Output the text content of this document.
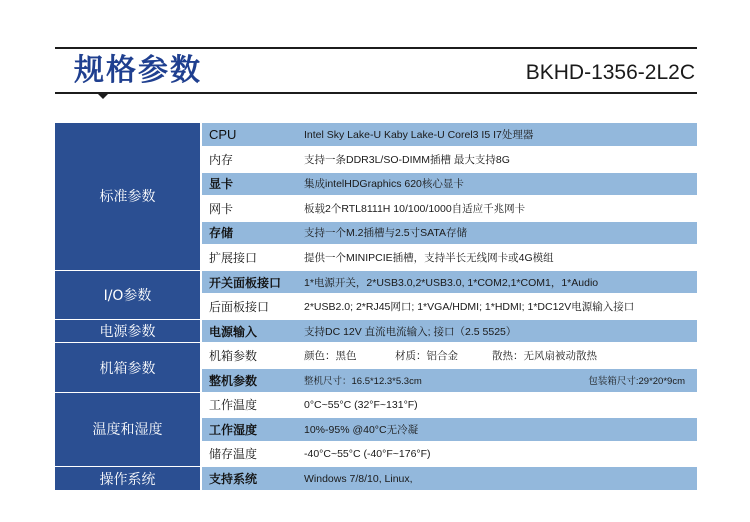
规格参数	BKHD-1356-2L2C
标准参数	CPU	Intel Sky Lake-U Kaby Lake-U Corel3 I5 I7处理器
	内存	支持一条DDR3L/SO-DIMM插槽 最大支持8G
	显卡	集成intelHDGraphics 620核心显卡
	网卡	板载2个RTL8111H 10/100/1000自适应千兆网卡
	存储	支持一个M.2插槽与2.5寸SATA存储
	扩展接口	提供一个MINIPCIE插槽，支持半长无线网卡或4G模组
I/O参数	开关面板接口	1*电源开关，2*USB3.0,2*USB3.0, 1*COM2,1*COM1，1*Audio
	后面板接口	2*USB2.0; 2*RJ45网口; 1*VGA/HDMI; 1*HDMI; 1*DC12V电源输入接口
电源参数	电源输入	支持DC 12V 直流电流输入; 接口（2.5 5525）
机箱参数	机箱参数	颜色：黑色 材质：铝合金 散热：无风扇被动散热
	整机参数	整机尺寸：16.5*12.3*5.3cm 包装箱尺寸:29*20*9cm

温度和湿度	工作温度	0°C~55°C (32°F~131°F)
	工作湿度	10%-95% @40°C无冷凝
	储存温度	-40°C~55°C (-40°F~176°F)
操作系统	支持系统	Windows 7/8/10, Linux,
